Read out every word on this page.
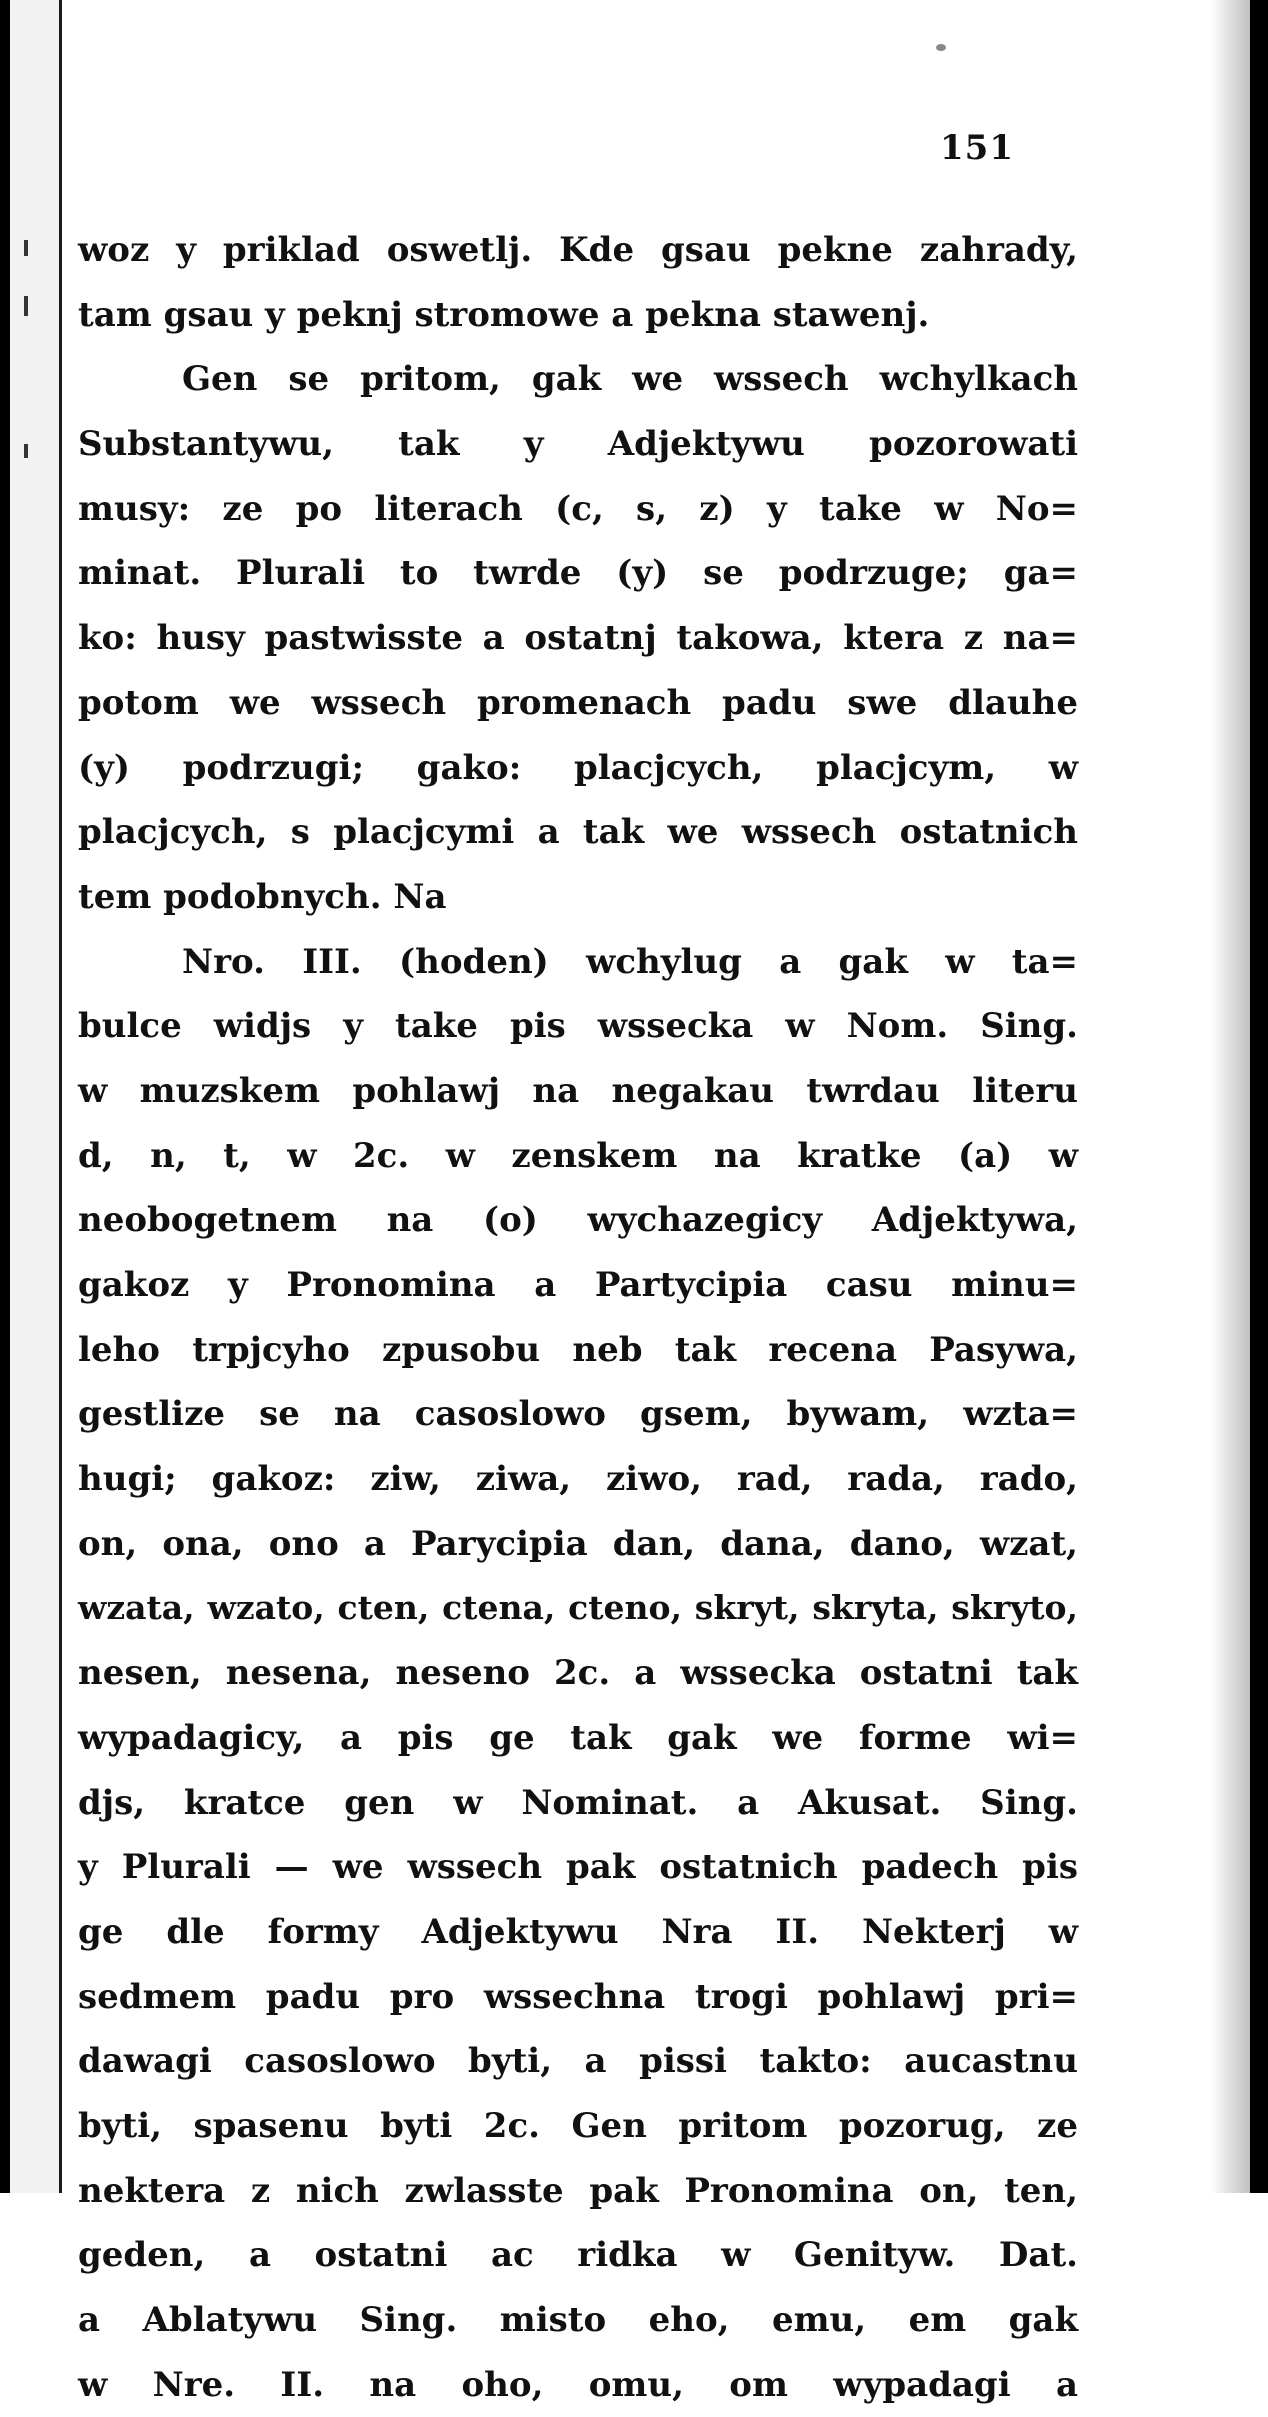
151
woz y priklad oswetlj. Kde gsau pekne zahrady,
tam gsau y peknj stromowe a pekna stawenj.
Gen se pritom, gak we wssech wchylkach
Substantywu, tak y Adjektywu pozorowati
musy: ze po literach (c, s, z) y take w No=
minat. Plurali to twrde (y) se podrzuge; ga=
ko: husy pastwisste a ostatnj takowa, ktera z na=
potom we wssech promenach padu swe dlauhe
(y) podrzugi; gako: placjcych, placjcym, w
placjcych, s placjcymi a tak we wssech ostatnich
tem podobnych. Na
Nro. III. (hoden) wchylug a gak w ta=
bulce widjs y take pis wssecka w Nom. Sing.
w muzskem pohlawj na negakau twrdau literu
d, n, t, w 2c. w zenskem na kratke (a) w
neobogetnem na (o) wychazegicy Adjektywa,
gakoz y Pronomina a Partycipia casu minu=
leho trpjcyho zpusobu neb tak recena Pasywa,
gestlize se na casoslowo gsem, bywam, wzta=
hugi; gakoz: ziw, ziwa, ziwo, rad, rada, rado,
on, ona, ono a Parycipia dan, dana, dano, wzat,
wzata, wzato, cten, ctena, cteno, skryt, skryta, skryto,
nesen, nesena, neseno 2c. a wssecka ostatni tak
wypadagicy, a pis ge tak gak we forme wi=
djs, kratce gen w Nominat. a Akusat. Sing.
y Plurali — we wssech pak ostatnich padech pis
ge dle formy Adjektywu Nra II. Nekterj w
sedmem padu pro wssechna trogi pohlawj pri=
dawagi casoslowo byti, a pissi takto: aucastnu
byti, spasenu byti 2c. Gen pritom pozorug, ze
nektera z nich zwlasste pak Pronomina on, ten,
geden, a ostatni ac ridka w Genityw. Dat.
a Ablatywu Sing. misto eho, emu, em gak
w Nre. II. na oho, omu, om wypadagi a
